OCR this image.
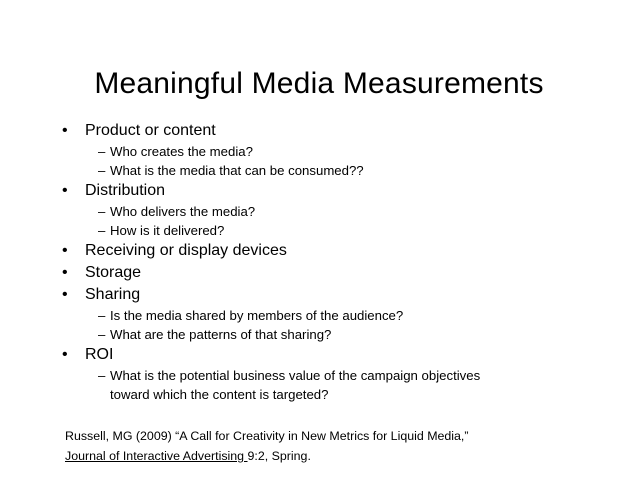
Meaningful Media Measurements
•	Product or content
– Who creates the media?
– What is the media that can be consumed??
•	Distribution
– Who delivers the media?
– How is it delivered?
•	Receiving or display devices
•	Storage
•	Sharing
– Is the media shared by members of the audience?
– What are the patterns of that sharing?
•	ROI
– What is the potential business value of the campaign objectives
toward which the content is targeted?
Russell, MG (2009) “A Call for Creativity in New Metrics for Liquid Media,”
Journal of Interactive Advertising 9:2, Spring.
